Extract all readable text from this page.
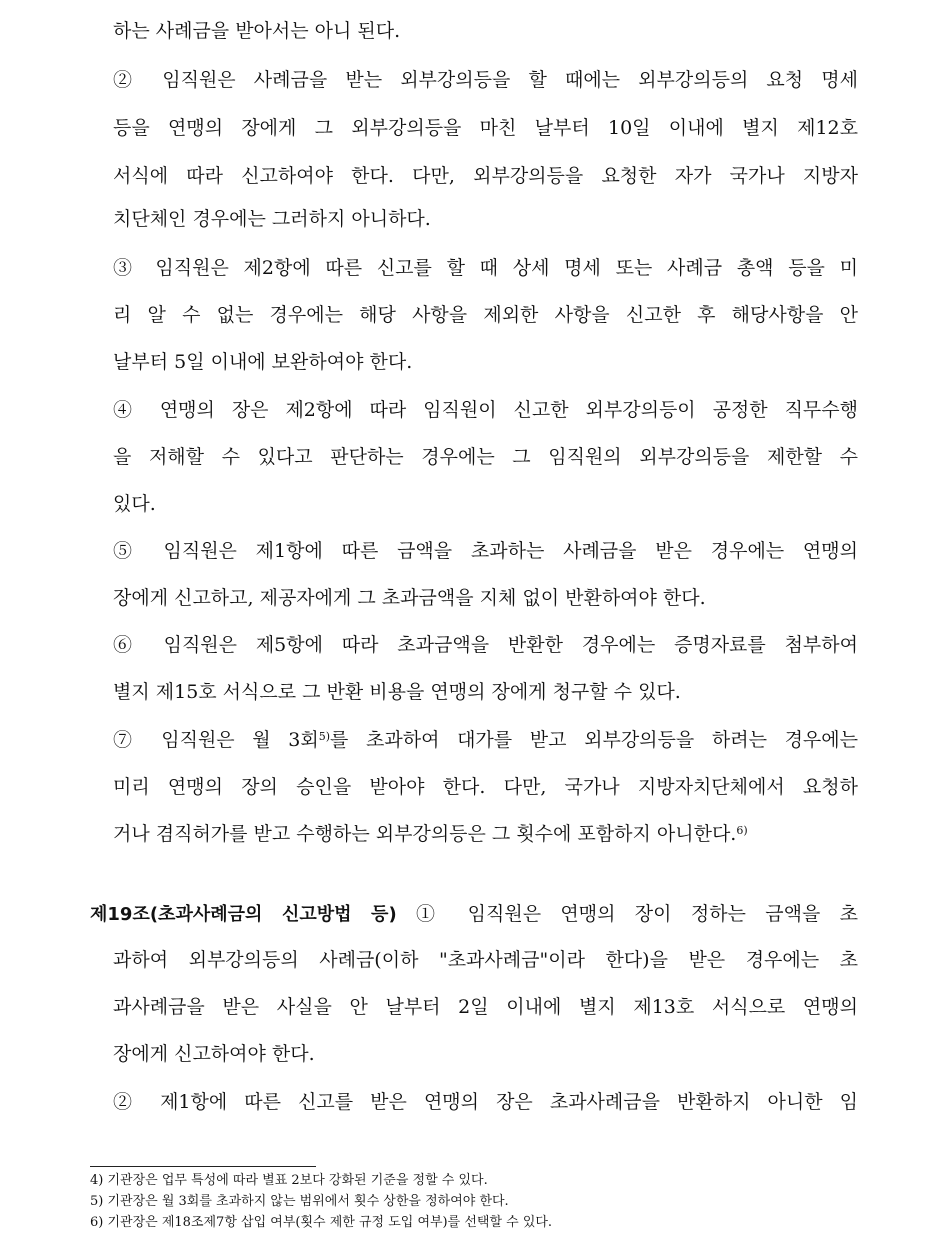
하는 사례금을 받아서는 아니 된다.
② 임직원은 사례금을 받는 외부강의등을 할 때에는 외부강의등의 요청 명세
등을 연맹의 장에게 그 외부강의등을 마친 날부터 10일 이내에 별지 제12호
서식에 따라 신고하여야 한다. 다만, 외부강의등을 요청한 자가 국가나 지방자
치단체인 경우에는 그러하지 아니하다.
③ 임직원은 제2항에 따른 신고를 할 때 상세 명세 또는 사례금 총액 등을 미
리 알 수 없는 경우에는 해당 사항을 제외한 사항을 신고한 후 해당사항을 안
날부터 5일 이내에 보완하여야 한다.
④ 연맹의 장은 제2항에 따라 임직원이 신고한 외부강의등이 공정한 직무수행
을 저해할 수 있다고 판단하는 경우에는 그 임직원의 외부강의등을 제한할 수
있다.
⑤ 임직원은 제1항에 따른 금액을 초과하는 사례금을 받은 경우에는 연맹의
장에게 신고하고, 제공자에게 그 초과금액을 지체 없이 반환하여야 한다.
⑥ 임직원은 제5항에 따라 초과금액을 반환한 경우에는 증명자료를 첨부하여
별지 제15호 서식으로 그 반환 비용을 연맹의 장에게 청구할 수 있다.
⑦ 임직원은 월 3회$^{5)}$를 초과하여 대가를 받고 외부강의등을 하려는 경우에는
미리 연맹의 장의 승인을 받아야 한다. 다만, 국가나 지방자치단체에서 요청하
거나 겸직허가를 받고 수행하는 외부강의등은 그 횟수에 포함하지 아니한다.$^{6)}$
제19조(초과사례금의 신고방법 등) ① 임직원은 연맹의 장이 정하는 금액을 초
과하여 외부강의등의 사례금(이하 "초과사례금"이라 한다)을 받은 경우에는 초
과사례금을 받은 사실을 안 날부터 2일 이내에 별지 제13호 서식으로 연맹의
장에게 신고하여야 한다.
② 제1항에 따른 신고를 받은 연맹의 장은 초과사례금을 반환하지 아니한 임
4) 기관장은 업무 특성에 따라 별표 2보다 강화된 기준을 정할 수 있다.
5) 기관장은 월 3회를 초과하지 않는 범위에서 횟수 상한을 정하여야 한다.
6) 기관장은 제18조제7항 삽입 여부(횟수 제한 규정 도입 여부)를 선택할 수 있다.
